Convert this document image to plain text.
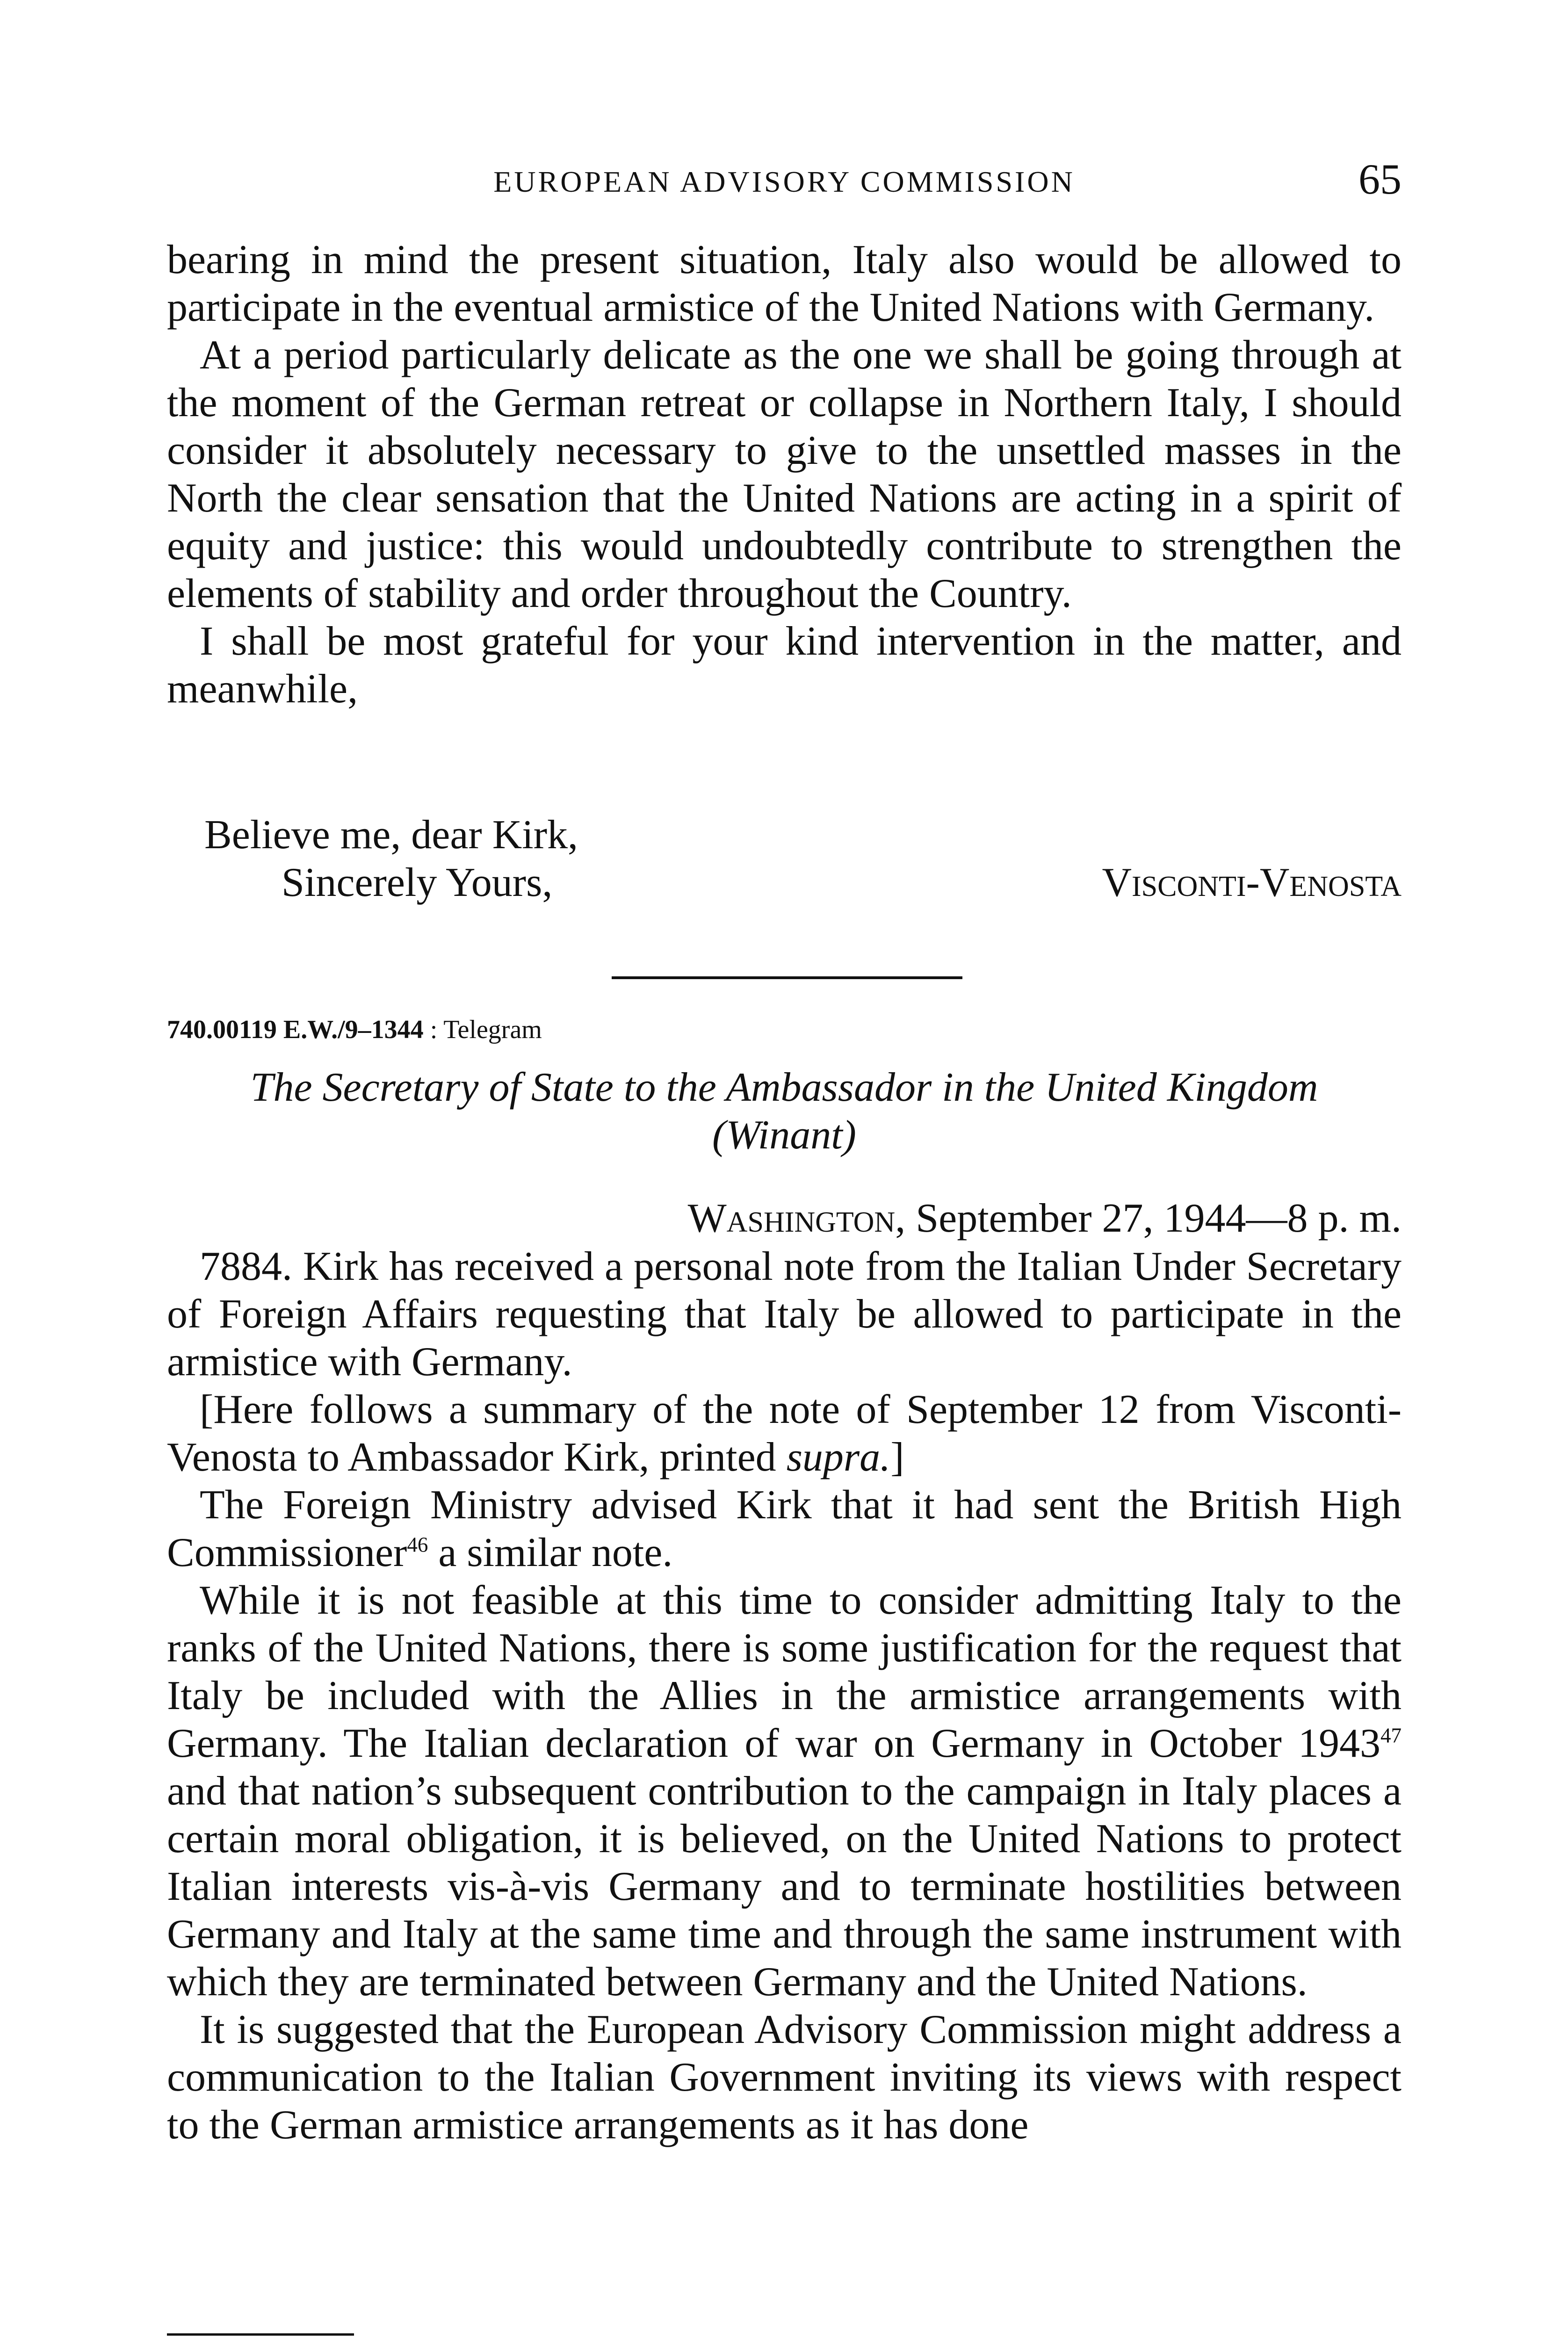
EUROPEAN ADVISORY COMMISSION	65

bearing in mind the present situation, Italy also would be allowed to participate in the eventual armistice of the United Nations with Germany.

At a period particularly delicate as the one we shall be going through at the moment of the German retreat or collapse in Northern Italy, I should consider it absolutely necessary to give to the unsettled masses in the North the clear sensation that the United Nations are acting in a spirit of equity and justice: this would undoubtedly contribute to strengthen the elements of stability and order throughout the Country.

I shall be most grateful for your kind intervention in the matter, and meanwhile,

Believe me, dear Kirk,
Sincerely Yours,	Visconti-Venosta
740.00119 E.W./9–1344 : Telegram
The Secretary of State to the Ambassador in the United Kingdom
(Winant)
Washington, September 27, 1944—8 p. m.

7884. Kirk has received a personal note from the Italian Under Secretary of Foreign Affairs requesting that Italy be allowed to participate in the armistice with Germany.

[Here follows a summary of the note of September 12 from Visconti-Venosta to Ambassador Kirk, printed supra.]

The Foreign Ministry advised Kirk that it had sent the British High Commissioner$^{46}$ a similar note.

While it is not feasible at this time to consider admitting Italy to the ranks of the United Nations, there is some justification for the request that Italy be included with the Allies in the armistice arrangements with Germany. The Italian declaration of war on Germany in October 1943$^{47}$ and that nation’s subsequent contribution to the campaign in Italy places a certain moral obligation, it is believed, on the United Nations to protect Italian interests vis-à-vis Germany and to terminate hostilities between Germany and Italy at the same time and through the same instrument with which they are terminated between Germany and the United Nations.

It is suggested that the European Advisory Commission might address a communication to the Italian Government inviting its views with respect to the German armistice arrangements as it has done
